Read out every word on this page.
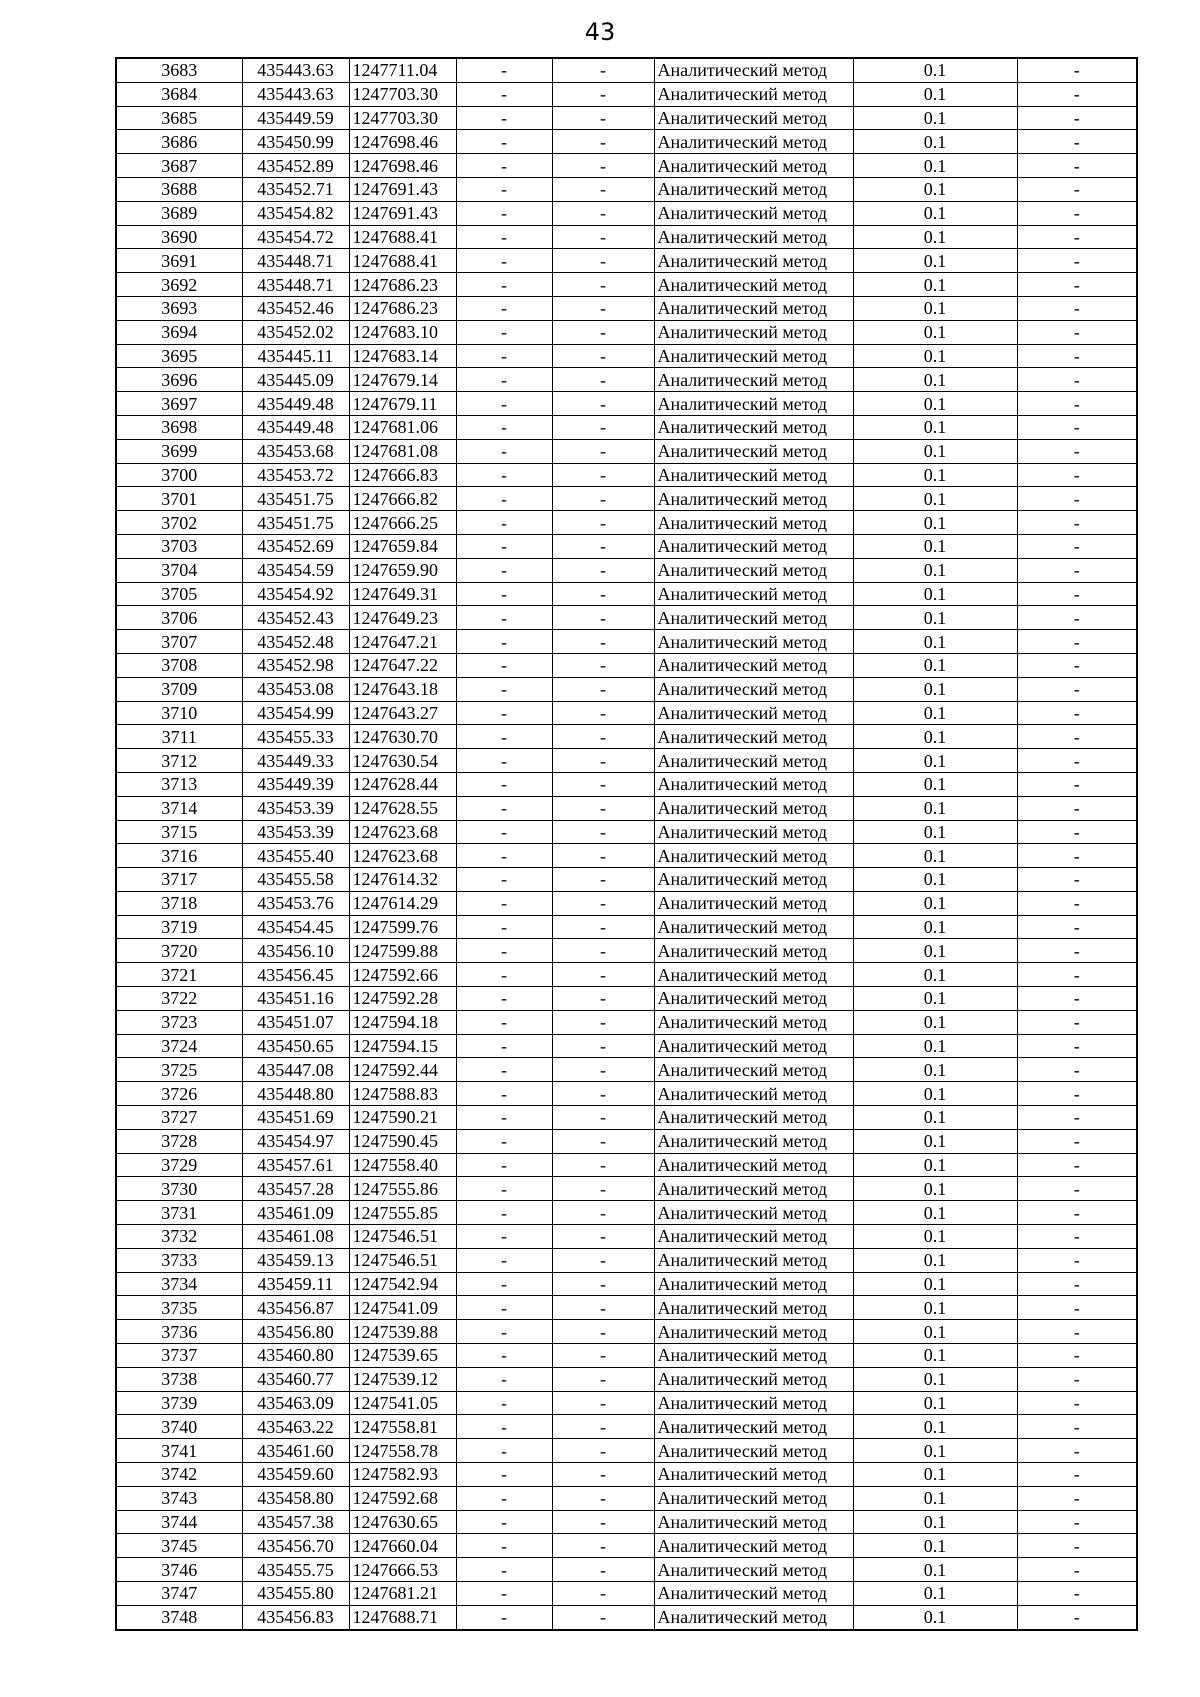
43
3683	435443.63	1247711.04	-	-	Аналитический метод	0.1	-
3684	435443.63	1247703.30	-	-	Аналитический метод	0.1	-
3685	435449.59	1247703.30	-	-	Аналитический метод	0.1	-
3686	435450.99	1247698.46	-	-	Аналитический метод	0.1	-
3687	435452.89	1247698.46	-	-	Аналитический метод	0.1	-
3688	435452.71	1247691.43	-	-	Аналитический метод	0.1	-
3689	435454.82	1247691.43	-	-	Аналитический метод	0.1	-
3690	435454.72	1247688.41	-	-	Аналитический метод	0.1	-
3691	435448.71	1247688.41	-	-	Аналитический метод	0.1	-
3692	435448.71	1247686.23	-	-	Аналитический метод	0.1	-
3693	435452.46	1247686.23	-	-	Аналитический метод	0.1	-
3694	435452.02	1247683.10	-	-	Аналитический метод	0.1	-
3695	435445.11	1247683.14	-	-	Аналитический метод	0.1	-
3696	435445.09	1247679.14	-	-	Аналитический метод	0.1	-
3697	435449.48	1247679.11	-	-	Аналитический метод	0.1	-
3698	435449.48	1247681.06	-	-	Аналитический метод	0.1	-
3699	435453.68	1247681.08	-	-	Аналитический метод	0.1	-
3700	435453.72	1247666.83	-	-	Аналитический метод	0.1	-
3701	435451.75	1247666.82	-	-	Аналитический метод	0.1	-
3702	435451.75	1247666.25	-	-	Аналитический метод	0.1	-
3703	435452.69	1247659.84	-	-	Аналитический метод	0.1	-
3704	435454.59	1247659.90	-	-	Аналитический метод	0.1	-
3705	435454.92	1247649.31	-	-	Аналитический метод	0.1	-
3706	435452.43	1247649.23	-	-	Аналитический метод	0.1	-
3707	435452.48	1247647.21	-	-	Аналитический метод	0.1	-
3708	435452.98	1247647.22	-	-	Аналитический метод	0.1	-
3709	435453.08	1247643.18	-	-	Аналитический метод	0.1	-
3710	435454.99	1247643.27	-	-	Аналитический метод	0.1	-
3711	435455.33	1247630.70	-	-	Аналитический метод	0.1	-
3712	435449.33	1247630.54	-	-	Аналитический метод	0.1	-
3713	435449.39	1247628.44	-	-	Аналитический метод	0.1	-
3714	435453.39	1247628.55	-	-	Аналитический метод	0.1	-
3715	435453.39	1247623.68	-	-	Аналитический метод	0.1	-
3716	435455.40	1247623.68	-	-	Аналитический метод	0.1	-
3717	435455.58	1247614.32	-	-	Аналитический метод	0.1	-
3718	435453.76	1247614.29	-	-	Аналитический метод	0.1	-
3719	435454.45	1247599.76	-	-	Аналитический метод	0.1	-
3720	435456.10	1247599.88	-	-	Аналитический метод	0.1	-
3721	435456.45	1247592.66	-	-	Аналитический метод	0.1	-
3722	435451.16	1247592.28	-	-	Аналитический метод	0.1	-
3723	435451.07	1247594.18	-	-	Аналитический метод	0.1	-
3724	435450.65	1247594.15	-	-	Аналитический метод	0.1	-
3725	435447.08	1247592.44	-	-	Аналитический метод	0.1	-
3726	435448.80	1247588.83	-	-	Аналитический метод	0.1	-
3727	435451.69	1247590.21	-	-	Аналитический метод	0.1	-
3728	435454.97	1247590.45	-	-	Аналитический метод	0.1	-
3729	435457.61	1247558.40	-	-	Аналитический метод	0.1	-
3730	435457.28	1247555.86	-	-	Аналитический метод	0.1	-
3731	435461.09	1247555.85	-	-	Аналитический метод	0.1	-
3732	435461.08	1247546.51	-	-	Аналитический метод	0.1	-
3733	435459.13	1247546.51	-	-	Аналитический метод	0.1	-
3734	435459.11	1247542.94	-	-	Аналитический метод	0.1	-
3735	435456.87	1247541.09	-	-	Аналитический метод	0.1	-
3736	435456.80	1247539.88	-	-	Аналитический метод	0.1	-
3737	435460.80	1247539.65	-	-	Аналитический метод	0.1	-
3738	435460.77	1247539.12	-	-	Аналитический метод	0.1	-
3739	435463.09	1247541.05	-	-	Аналитический метод	0.1	-
3740	435463.22	1247558.81	-	-	Аналитический метод	0.1	-
3741	435461.60	1247558.78	-	-	Аналитический метод	0.1	-
3742	435459.60	1247582.93	-	-	Аналитический метод	0.1	-
3743	435458.80	1247592.68	-	-	Аналитический метод	0.1	-
3744	435457.38	1247630.65	-	-	Аналитический метод	0.1	-
3745	435456.70	1247660.04	-	-	Аналитический метод	0.1	-
3746	435455.75	1247666.53	-	-	Аналитический метод	0.1	-
3747	435455.80	1247681.21	-	-	Аналитический метод	0.1	-
3748	435456.83	1247688.71	-	-	Аналитический метод	0.1	-
